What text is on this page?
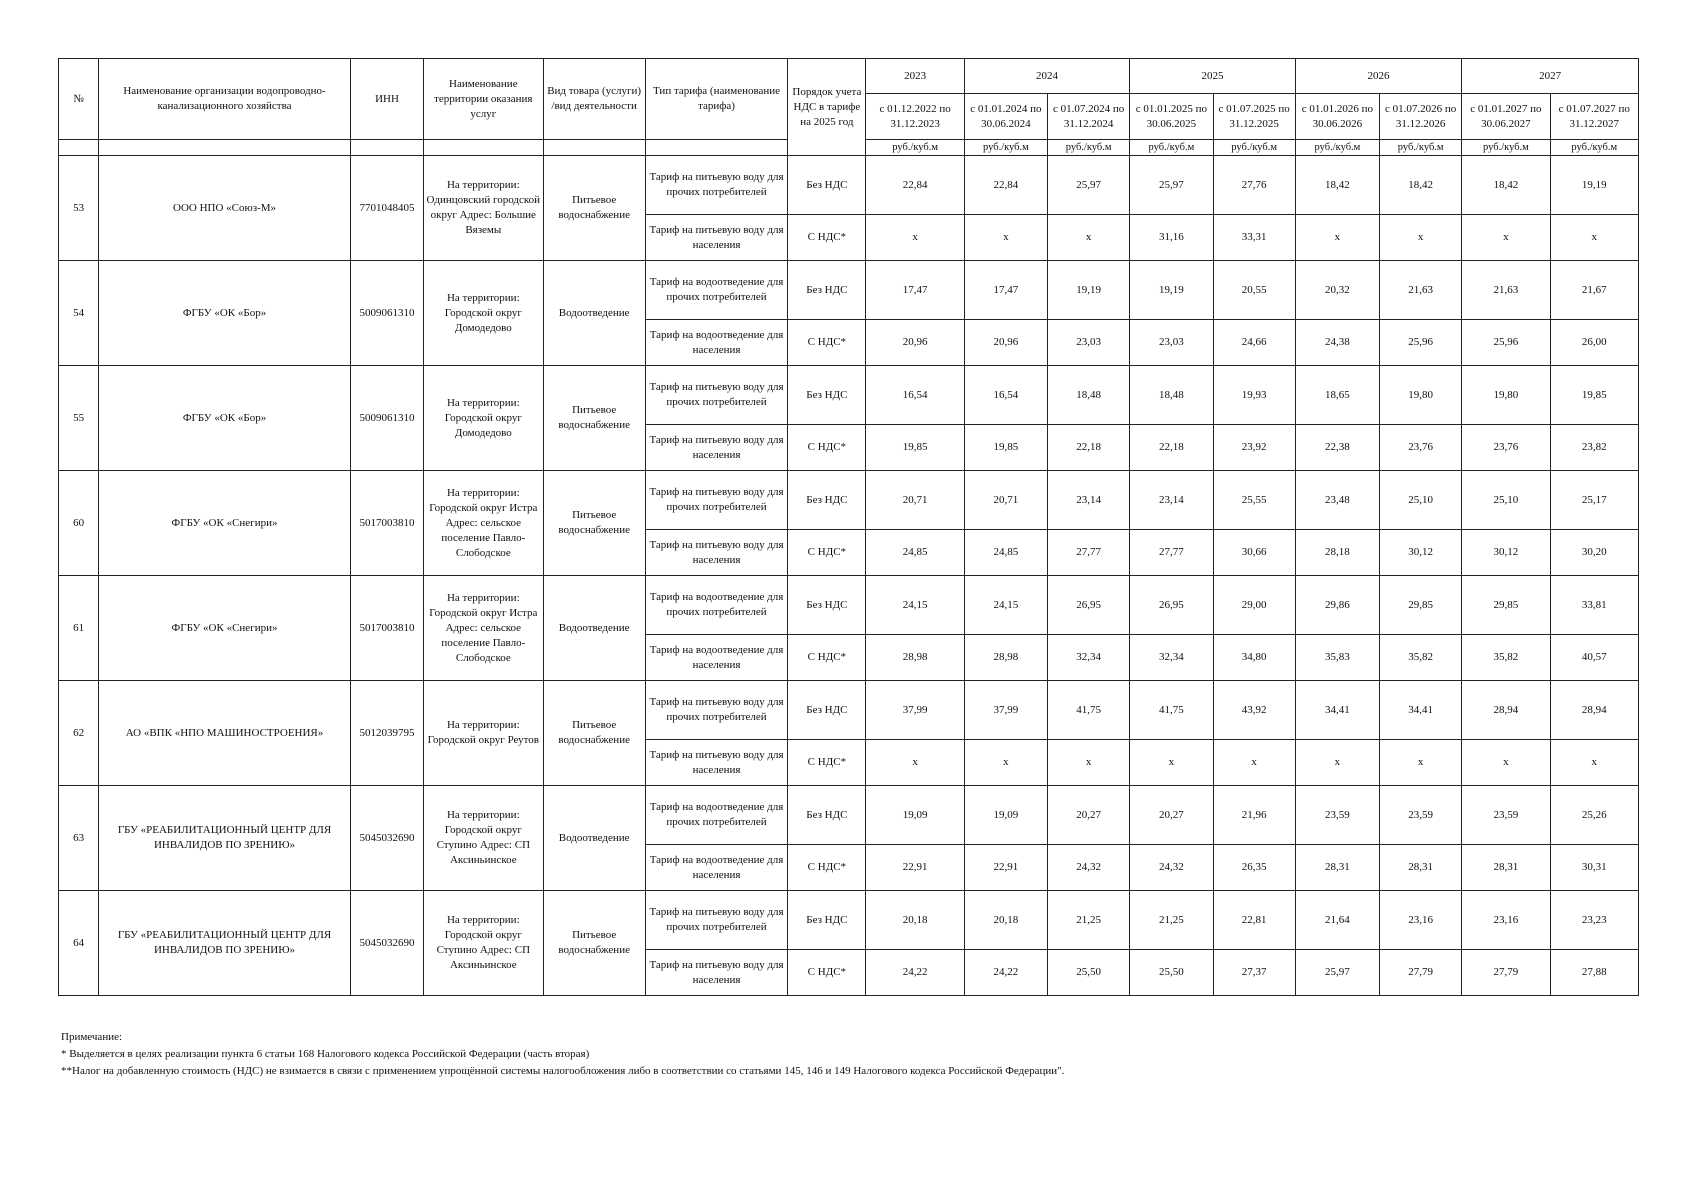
№	Наименование организации водопроводно-канализационного хозяйства	ИНН	Наименование территории оказания услуг	Вид товара (услуги) /вид деятельности	Тип тарифа (наименование тарифа)	Порядок учета НДС в тарифе на 2025 год	2023	2024		2025		2026		2027	
							с 01.12.2022 по 31.12.2023	с 01.01.2024 по 30.06.2024	с 01.07.2024 по 31.12.2024	с 01.01.2025 по 30.06.2025	с 01.07.2025 по 31.12.2025	с 01.01.2026 по 30.06.2026	с 01.07.2026 по 31.12.2026	с 01.01.2027 по 30.06.2027	с 01.07.2027 по 31.12.2027
							руб./куб.м	руб./куб.м	руб./куб.м	руб./куб.м	руб./куб.м	руб./куб.м	руб./куб.м	руб./куб.м	руб./куб.м
53	ООО НПО «Союз-М»	7701048405	На территории: Одинцовский городской округ Адрес: Большие Вяземы	Питьевое водоснабжение	Тариф на питьевую воду для прочих потребителей	Без НДС	22,84	22,84	25,97	25,97	27,76	18,42	18,42	18,42	19,19
					Тариф на питьевую воду для населения	С НДС*	х	х	х	31,16	33,31	х	х	х	х
54	ФГБУ «ОК «Бор»	5009061310	На территории: Городской округ Домодедово	Водоотведение	Тариф на водоотведение для прочих потребителей	Без НДС	17,47	17,47	19,19	19,19	20,55	20,32	21,63	21,63	21,67
					Тариф на водоотведение для населения	С НДС*	20,96	20,96	23,03	23,03	24,66	24,38	25,96	25,96	26,00
55	ФГБУ «ОК «Бор»	5009061310	На территории: Городской округ Домодедово	Питьевое водоснабжение	Тариф на питьевую воду для прочих потребителей	Без НДС	16,54	16,54	18,48	18,48	19,93	18,65	19,80	19,80	19,85
					Тариф на питьевую воду для населения	С НДС*	19,85	19,85	22,18	22,18	23,92	22,38	23,76	23,76	23,82
60	ФГБУ «ОК «Снегири»	5017003810	На территории: Городской округ Истра Адрес: сельское поселение Павло-Слободское	Питьевое водоснабжение	Тариф на питьевую воду для прочих потребителей	Без НДС	20,71	20,71	23,14	23,14	25,55	23,48	25,10	25,10	25,17
					Тариф на питьевую воду для населения	С НДС*	24,85	24,85	27,77	27,77	30,66	28,18	30,12	30,12	30,20
61	ФГБУ «ОК «Снегири»	5017003810	На территории: Городской округ Истра Адрес: сельское поселение Павло-Слободское	Водоотведение	Тариф на водоотведение для прочих потребителей	Без НДС	24,15	24,15	26,95	26,95	29,00	29,86	29,85	29,85	33,81
					Тариф на водоотведение для населения	С НДС*	28,98	28,98	32,34	32,34	34,80	35,83	35,82	35,82	40,57
62	АО «ВПК «НПО МАШИНОСТРОЕНИЯ»	5012039795	На территории: Городской округ Реутов	Питьевое водоснабжение	Тариф на питьевую воду для прочих потребителей	Без НДС	37,99	37,99	41,75	41,75	43,92	34,41	34,41	28,94	28,94
					Тариф на питьевую воду для населения	С НДС*	х	х	х	х	х	х	х	х	х
63	ГБУ «РЕАБИЛИТАЦИОННЫЙ ЦЕНТР ДЛЯ ИНВАЛИДОВ ПО ЗРЕНИЮ»	5045032690	На территории: Городской округ Ступино Адрес: СП Аксиньинское	Водоотведение	Тариф на водоотведение для прочих потребителей	Без НДС	19,09	19,09	20,27	20,27	21,96	23,59	23,59	23,59	25,26
					Тариф на водоотведение для населения	С НДС*	22,91	22,91	24,32	24,32	26,35	28,31	28,31	28,31	30,31
64	ГБУ «РЕАБИЛИТАЦИОННЫЙ ЦЕНТР ДЛЯ ИНВАЛИДОВ ПО ЗРЕНИЮ»	5045032690	На территории: Городской округ Ступино Адрес: СП Аксиньинское	Питьевое водоснабжение	Тариф на питьевую воду для прочих потребителей	Без НДС	20,18	20,18	21,25	21,25	22,81	21,64	23,16	23,16	23,23
					Тариф на питьевую воду для населения	С НДС*	24,22	24,22	25,50	25,50	27,37	25,97	27,79	27,79	27,88
Примечание:
* Выделяется в целях реализации пункта 6 статьи 168 Налогового кодекса Российской Федерации (часть вторая)
**Налог на добавленную стоимость (НДС) не взимается в связи с применением упрощённой системы налогообложения либо в соответствии со статьями 145, 146 и 149 Налогового кодекса Российской Федерации".
